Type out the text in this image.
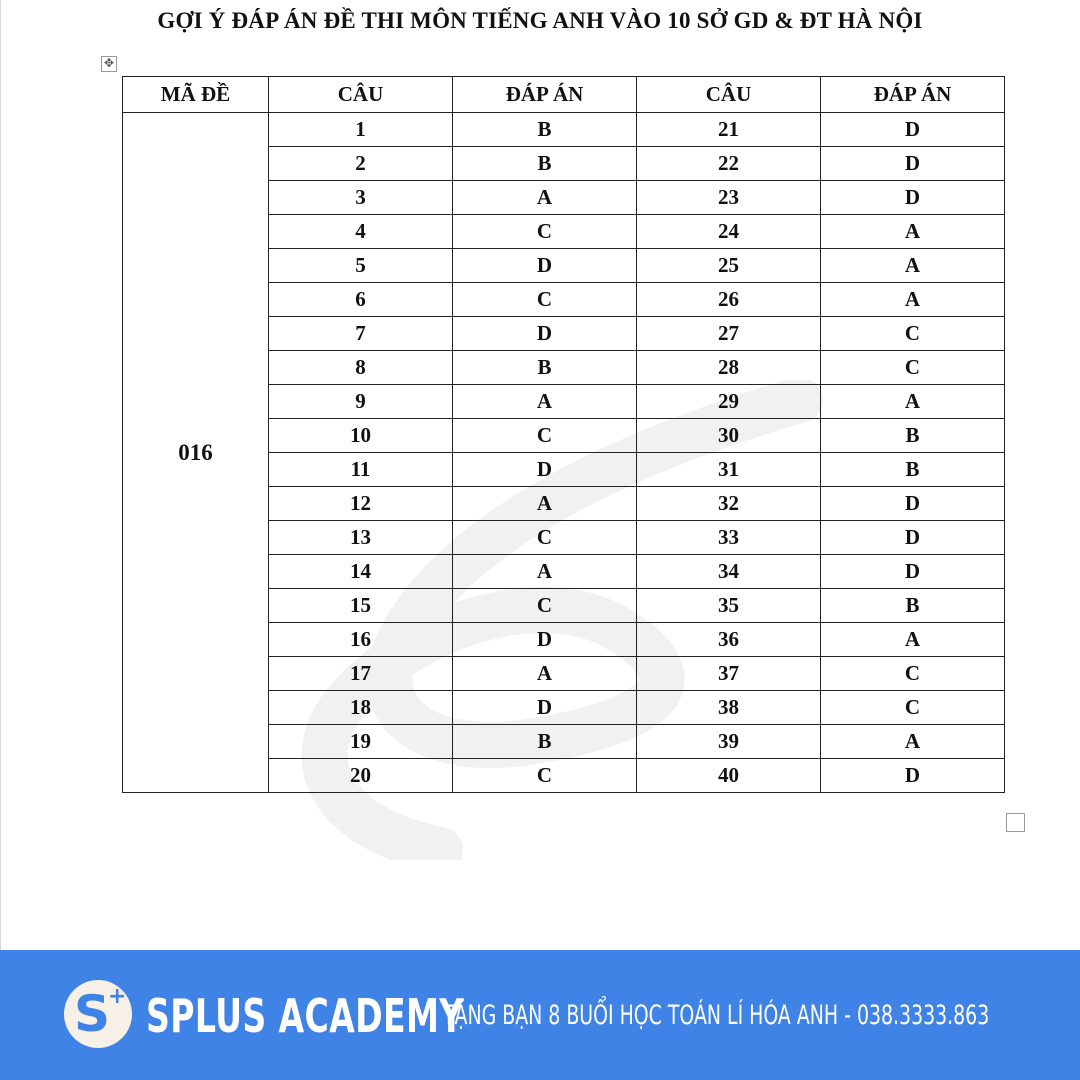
GỢI Ý ĐÁP ÁN ĐỀ THI MÔN TIẾNG ANH VÀO 10 SỞ GD & ĐT HÀ NỘI
✥
MÃ ĐỀ	CÂU	ĐÁP ÁN	CÂU	ĐÁP ÁN
016	1	B	21	D
	2	B	22	D
	3	A	23	D
	4	C	24	A
	5	D	25	A
	6	C	26	A
	7	D	27	C
	8	B	28	C
	9	A	29	A
	10	C	30	B
	11	D	31	B
	12	A	32	D
	13	C	33	D
	14	A	34	D
	15	C	35	B
	16	D	36	A
	17	A	37	C
	18	D	38	C
	19	B	39	A
	20	C	40	D
S
+ SPLUS ACADEMY
TẶNG BẠN 8 BUỔI HỌC TOÁN LÍ HÓA ANH - 038.3333.863
